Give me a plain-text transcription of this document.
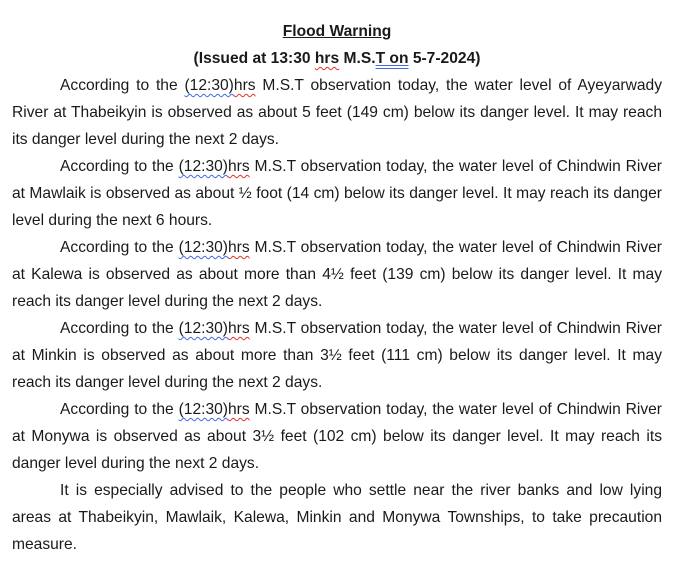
Flood Warning

(Issued at 13:30 hrs M.S.T on 5-7-2024)

According to the (12:30)hrs M.S.T observation today, the water level of Ayeyarwady River at Thabeikyin is observed as about 5 feet (149 cm) below its danger level. It may reach its danger level during the next 2 days.

According to the (12:30)hrs M.S.T observation today, the water level of Chindwin River at Mawlaik is observed as about ½ foot (14 cm) below its danger level. It may reach its danger level during the next 6 hours.

According to the (12:30)hrs M.S.T observation today, the water level of Chindwin River at Kalewa is observed as about more than 4½ feet (139 cm) below its danger level. It may reach its danger level during the next 2 days.

According to the (12:30)hrs M.S.T observation today, the water level of Chindwin River at Minkin is observed as about more than 3½ feet (111 cm) below its danger level. It may reach its danger level during the next 2 days.

According to the (12:30)hrs M.S.T observation today, the water level of Chindwin River at Monywa is observed as about 3½ feet (102 cm) below its danger level. It may reach its danger level during the next 2 days.

It is especially advised to the people who settle near the river banks and low lying areas at Thabeikyin, Mawlaik, Kalewa, Minkin and Monywa Townships, to take precaution measure.
